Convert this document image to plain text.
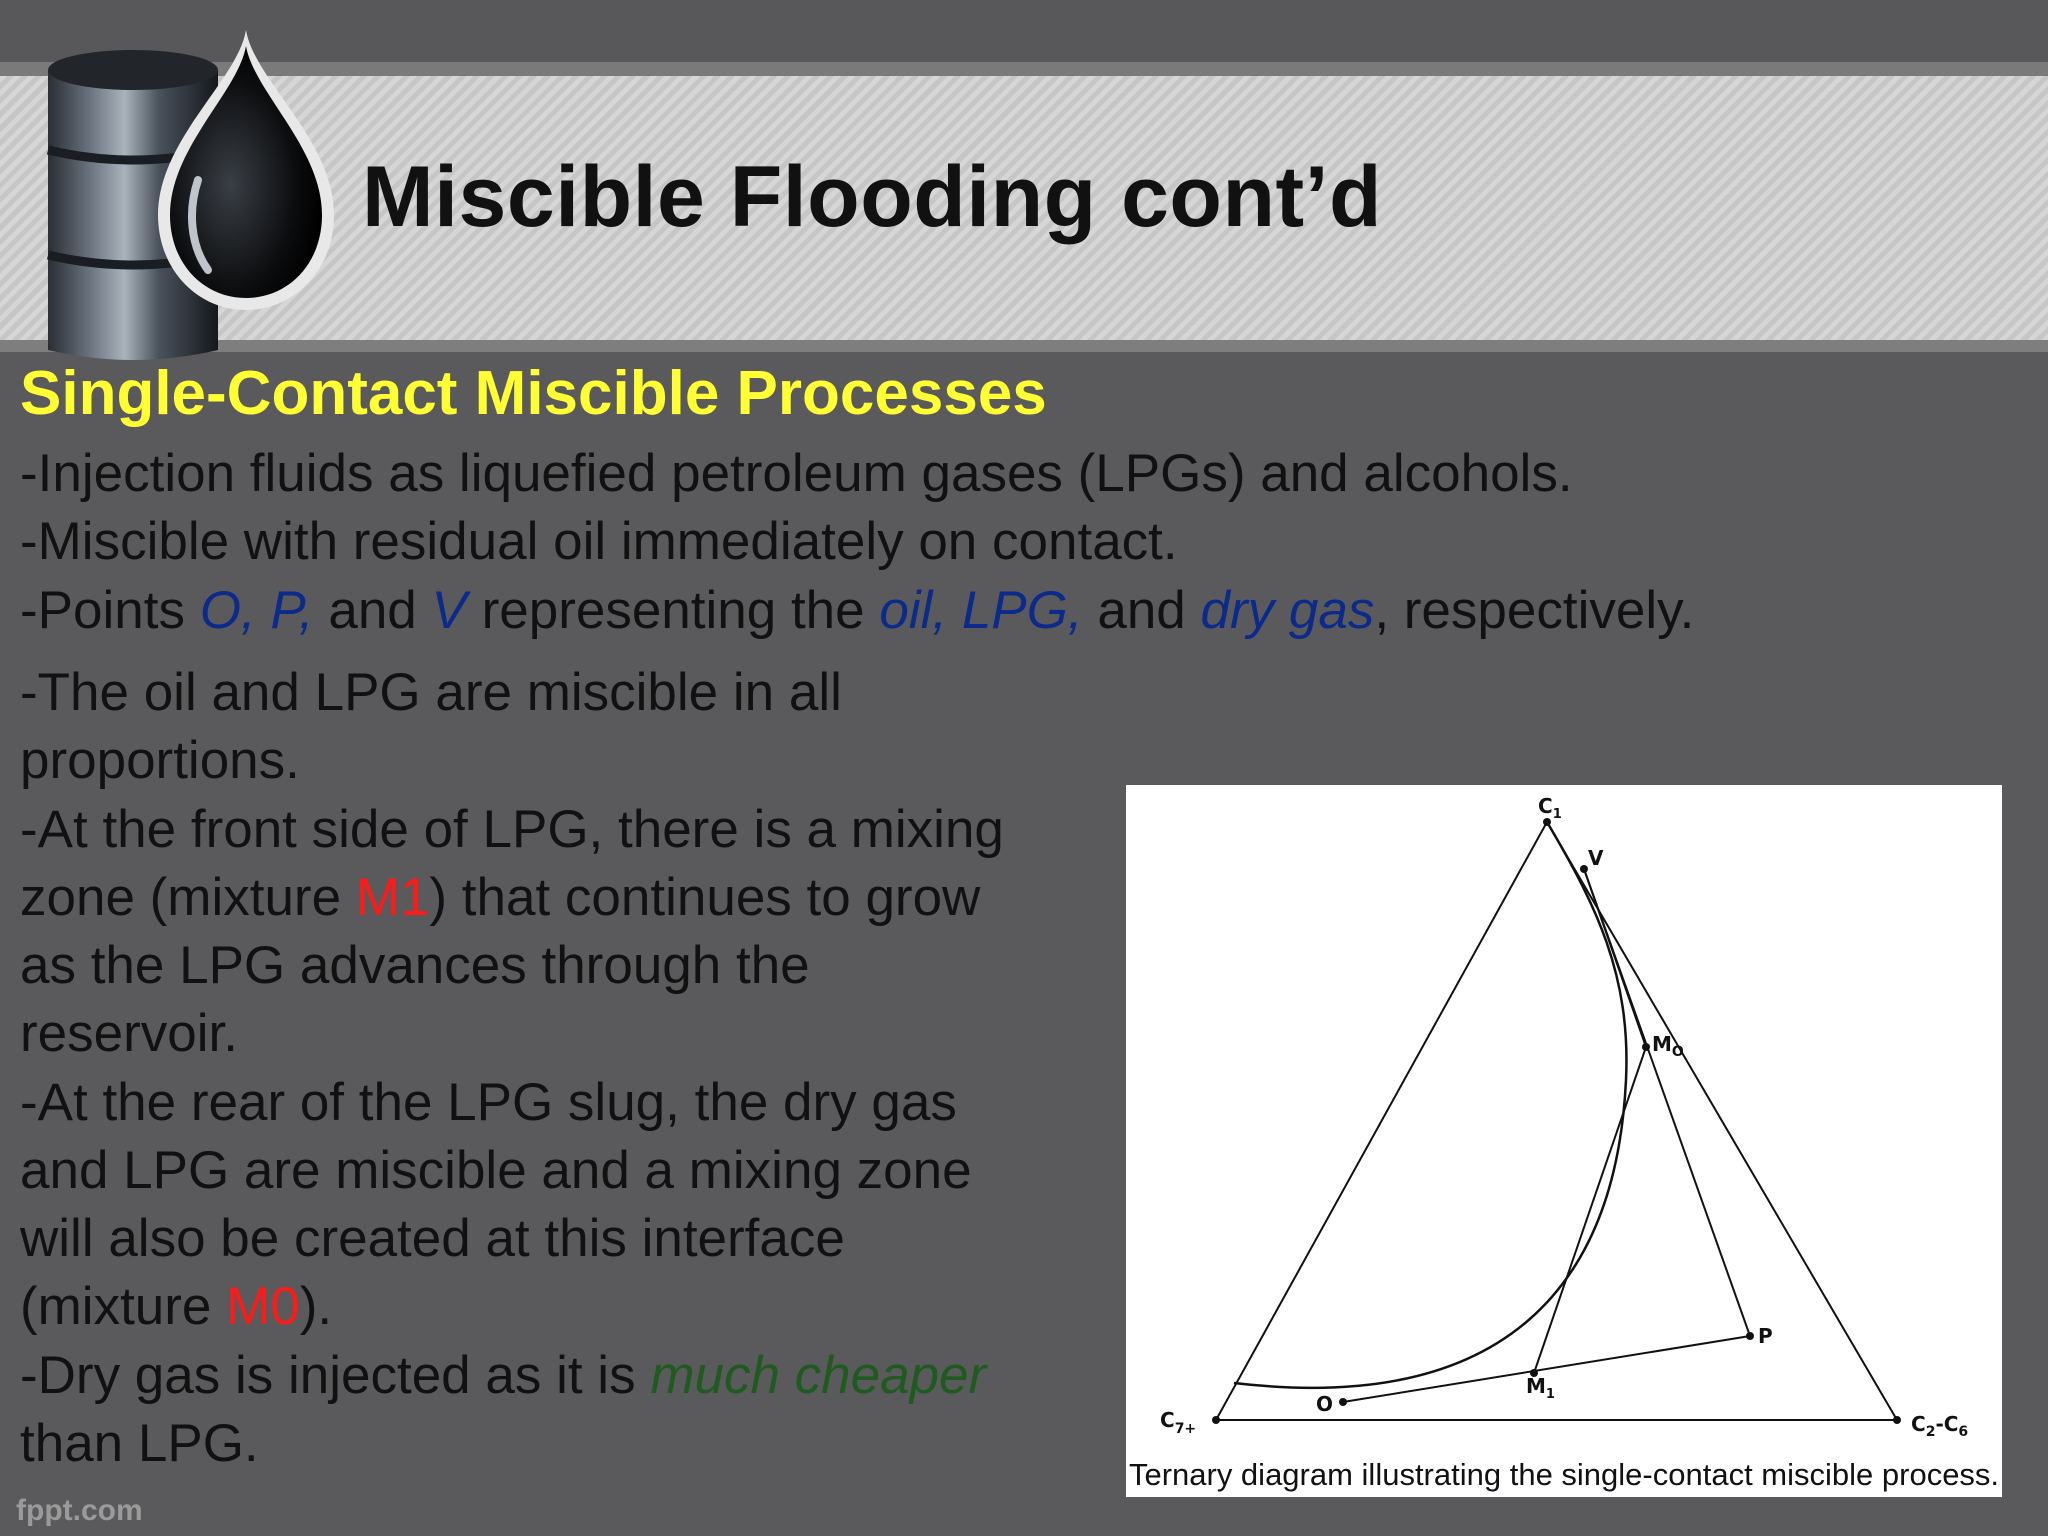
Miscible Flooding cont’d
Single-Contact Miscible Processes

-Injection fluids as liquefied petroleum gases (LPGs) and alcohols.

-Miscible with residual oil immediately on contact.

-Points O, P, and V representing the oil, LPG, and dry gas, respectively.

-The oil and LPG are miscible in all

proportions.

-At the front side of LPG, there is a mixing

zone (mixture M1) that continues to grow

as the LPG advances through the

reservoir.

-At the rear of the LPG slug, the dry gas

and LPG are miscible and a mixing zone

will also be created at this interface

(mixture M0).

-Dry gas is injected as it is much cheaper

than LPG.

$C_1$
V
$M_O$
P
$M_1$
O
$C_{7+}$	$C_2-C_6$

Ternary diagram illustrating the single-contact miscible process.

fppt.com
